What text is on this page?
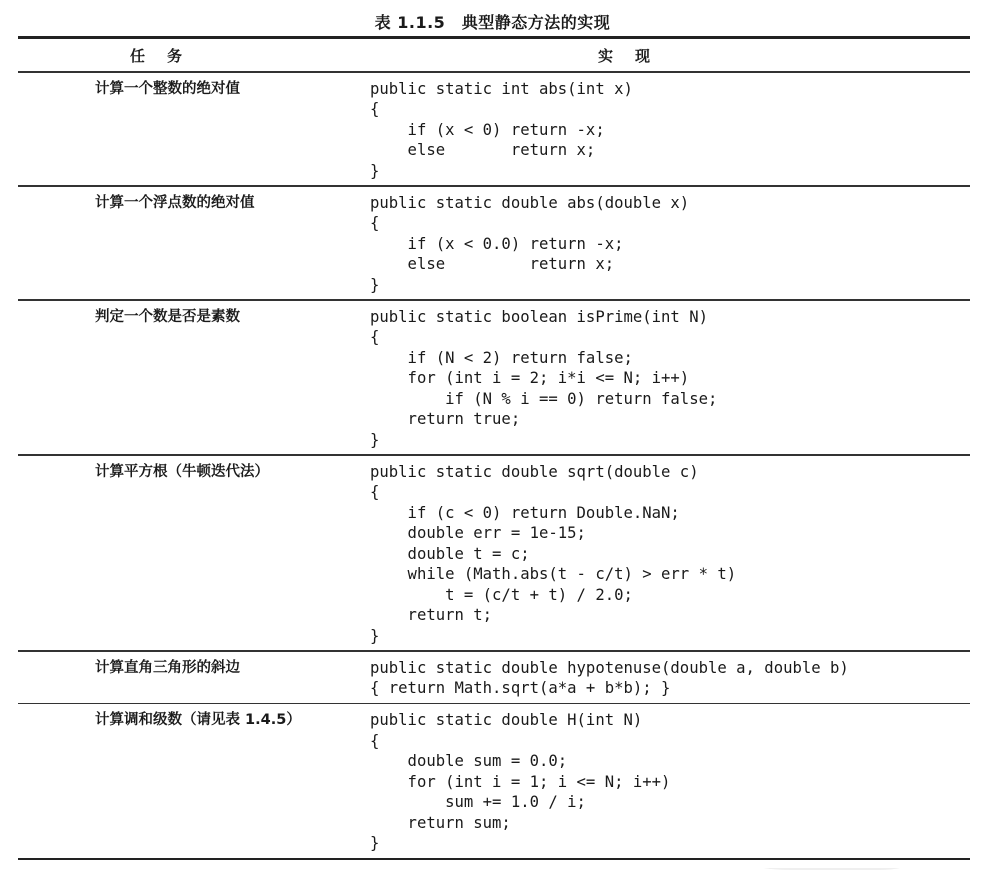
表 1.1.5　典型静态方法的实现
任务	实现
计算一个整数的绝对值	public static int abs(int x)
{
if (x < 0) return -x;
else       return x;
}
计算一个浮点数的绝对值	public static double abs(double x)
{
if (x < 0.0) return -x;
else         return x;
}
判定一个数是否是素数	public static boolean isPrime(int N)
{
if (N < 2) return false;
for (int i = 2; i*i <= N; i++)
if (N % i == 0) return false;
return true;
}
计算平方根（牛顿迭代法）	public static double sqrt(double c)
{
if (c < 0) return Double.NaN;
double err = 1e-15;
double t = c;
while (Math.abs(t - c/t) > err * t)
t = (c/t + t) / 2.0;
return t;
}
计算直角三角形的斜边	public static double hypotenuse(double a, double b)
{ return Math.sqrt(a*a + b*b); }
计算调和级数（请见表 1.4.5）	public static double H(int N)
{
double sum = 0.0;
for (int i = 1; i <= N; i++)
sum += 1.0 / i;
return sum;
}
